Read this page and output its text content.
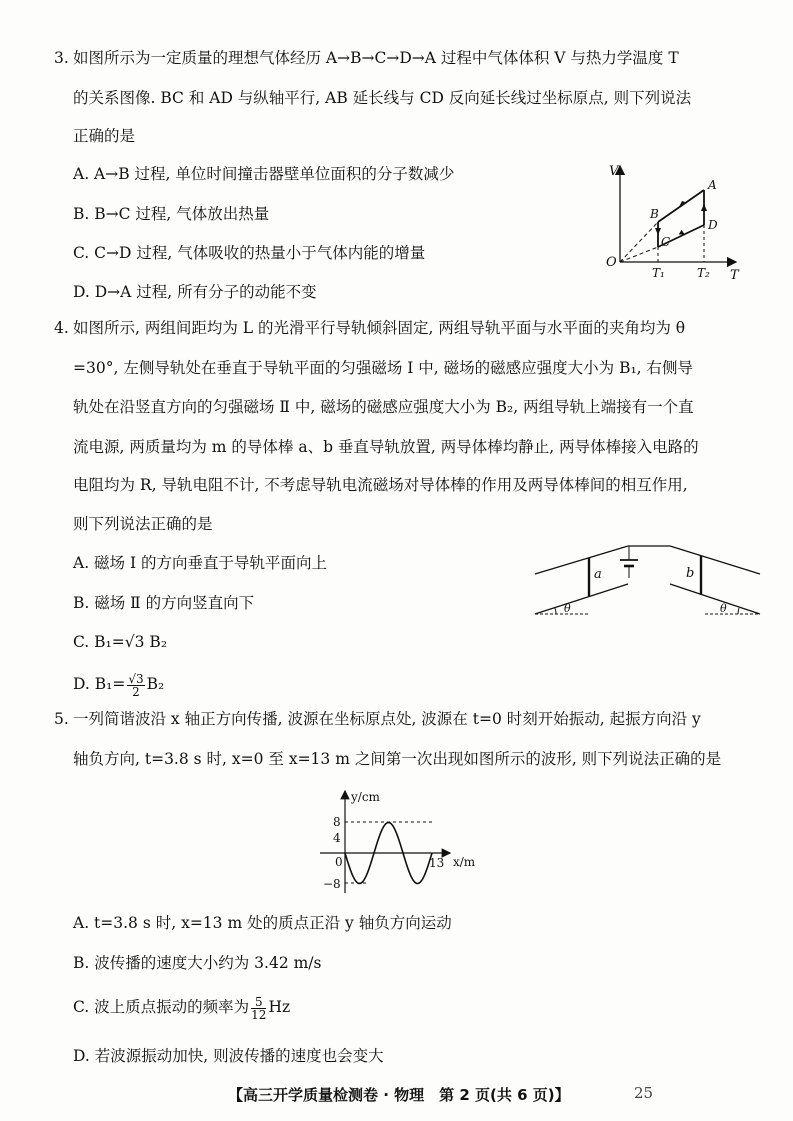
3. 如图所示为一定质量的理想气体经历 A→B→C→D→A 过程中气体体积 V 与热力学温度 T
的关系图像. BC 和 AD 与纵轴平行, AB 延长线与 CD 反向延长线过坐标原点, 则下列说法
正确的是
A. A→B 过程, 单位时间撞击器壁单位面积的分子数减少
B. B→C 过程, 气体放出热量
C. C→D 过程, 气体吸收的热量小于气体内能的增量
D. D→A 过程, 所有分子的动能不变
V
T
O
A
B
C
D
T₁	T₂
4. 如图所示, 两组间距均为 L 的光滑平行导轨倾斜固定, 两组导轨平面与水平面的夹角均为 θ
=30°, 左侧导轨处在垂直于导轨平面的匀强磁场 Ⅰ 中, 磁场的磁感应强度大小为 B₁, 右侧导
轨处在沿竖直方向的匀强磁场 Ⅱ 中, 磁场的磁感应强度大小为 B₂, 两组导轨上端接有一个直
流电源, 两质量均为 m 的导体棒 a、b 垂直导轨放置, 两导体棒均静止, 两导体棒接入电路的
电阻均为 R, 导轨电阻不计, 不考虑导轨电流磁场对导体棒的作用及两导体棒间的相互作用,
则下列说法正确的是
A. 磁场 Ⅰ 的方向垂直于导轨平面向上
B. 磁场 Ⅱ 的方向竖直向下
C. B₁=√3 B₂
D. $B_1= \frac{√3}{2} B_2$
a	b
θ	θ
5. 一列简谐波沿 x 轴正方向传播, 波源在坐标原点处, 波源在 t=0 时刻开始振动, 起振方向沿 y
轴负方向, t=3.8 s 时, x=0 至 x=13 m 之间第一次出现如图所示的波形, 则下列说法正确的是
y/cm
x/m
8
4
0
−8
13
A. t=3.8 s 时, x=13 m 处的质点正沿 y 轴负方向运动
B. 波传播的速度大小约为 3.42 m/s
C. 波上质点振动的频率为 $\frac{5}{12}$ Hz
D. 若波源振动加快, 则波传播的速度也会变大
【高三开学质量检测卷 · 物理　第 2 页(共 6 页)】	25
